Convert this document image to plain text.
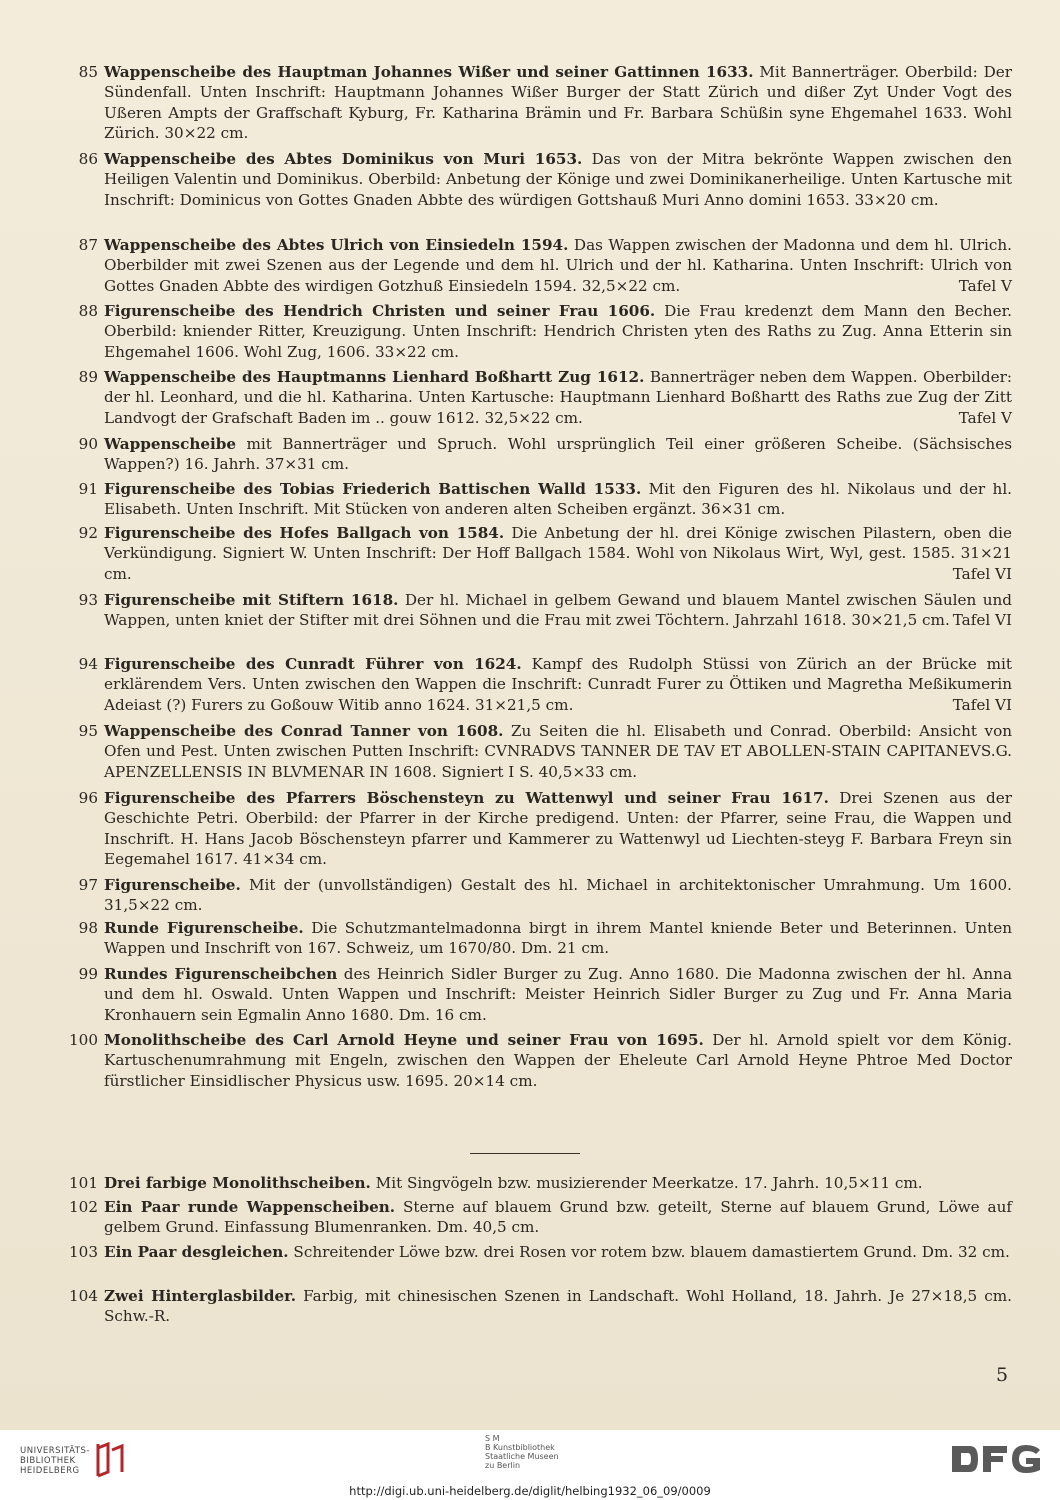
85 Wappenscheibe des Hauptman Johannes Wißer und seiner Gattinnen 1633. Mit Bannerträger. Oberbild: Der Sündenfall. Unten Inschrift: Hauptmann Johannes Wißer Burger der Statt Zürich und dißer Zyt Under Vogt des Ußeren Ampts der Graffschaft Kyburg, Fr. Katharina Brämin und Fr. Barbara Schüßin syne Ehgemahel 1633. Wohl Zürich. 30×22 cm.
86 Wappenscheibe des Abtes Dominikus von Muri 1653. Das von der Mitra bekrönte Wappen zwischen den Heiligen Valentin und Dominikus. Oberbild: Anbetung der Könige und zwei Dominikanerheilige. Unten Kartusche mit Inschrift: Dominicus von Gottes Gnaden Abbte des würdigen Gottshauß Muri Anno domini 1653. 33×20 cm.
87 Wappenscheibe des Abtes Ulrich von Einsiedeln 1594. Das Wappen zwischen der Madonna und dem hl. Ulrich. Oberbilder mit zwei Szenen aus der Legende und dem hl. Ulrich und der hl. Katharina. Unten Inschrift: Ulrich von Gottes Gnaden Abbte des wirdigen Gotzhuß Einsiedeln 1594. 32,5×22 cm.	Tafel V
88 Figurenscheibe des Hendrich Christen und seiner Frau 1606. Die Frau kredenzt dem Mann den Becher. Oberbild: kniender Ritter, Kreuzigung. Unten Inschrift: Hendrich Christen yten des Raths zu Zug. Anna Etterin sin Ehgemahel 1606. Wohl Zug, 1606. 33×22 cm.
89 Wappenscheibe des Hauptmanns Lienhard Boßhartt Zug 1612. Bannerträger neben dem Wappen. Oberbilder: der hl. Leonhard, und die hl. Katharina. Unten Kartusche: Hauptmann Lienhard Boßhartt des Raths zue Zug der Zitt Landvogt der Grafschaft Baden im .. gouw 1612. 32,5×22 cm.	Tafel V
90 Wappenscheibe mit Bannerträger und Spruch. Wohl ursprünglich Teil einer größeren Scheibe. (Sächsisches Wappen?) 16. Jahrh. 37×31 cm.
91 Figurenscheibe des Tobias Friederich Battischen Walld 1533. Mit den Figuren des hl. Nikolaus und der hl. Elisabeth. Unten Inschrift. Mit Stücken von anderen alten Scheiben ergänzt. 36×31 cm.
92 Figurenscheibe des Hofes Ballgach von 1584. Die Anbetung der hl. drei Könige zwischen Pilastern, oben die Verkündigung. Signiert W. Unten Inschrift: Der Hoff Ballgach 1584. Wohl von Nikolaus Wirt, Wyl, gest. 1585. 31×21 cm.	Tafel VI
93 Figurenscheibe mit Stiftern 1618. Der hl. Michael in gelbem Gewand und blauem Mantel zwischen Säulen und Wappen, unten kniet der Stifter mit drei Söhnen und die Frau mit zwei Töchtern. Jahrzahl 1618. 30×21,5 cm. Tafel VI
94 Figurenscheibe des Cunradt Führer von 1624. Kampf des Rudolph Stüssi von Zürich an der Brücke mit erklärendem Vers. Unten zwischen den Wappen die Inschrift: Cunradt Furer zu Öttiken und Magretha Meßikumerin Adeiast (?) Furers zu Goßouw Witib anno 1624. 31×21,5 cm.	Tafel VI
95 Wappenscheibe des Conrad Tanner von 1608. Zu Seiten die hl. Elisabeth und Conrad. Oberbild: Ansicht von Ofen und Pest. Unten zwischen Putten Inschrift: CVNRADVS TANNER DE TAV ET ABOLLEN-STAIN CAPITANEVS.G. APENZELLENSIS IN BLVMENAR IN 1608. Signiert I S. 40,5×33 cm.
96 Figurenscheibe des Pfarrers Böschensteyn zu Wattenwyl und seiner Frau 1617. Drei Szenen aus der Geschichte Petri. Oberbild: der Pfarrer in der Kirche predigend. Unten: der Pfarrer, seine Frau, die Wappen und Inschrift. H. Hans Jacob Böschensteyn pfarrer und Kammerer zu Wattenwyl ud Liechten-steyg F. Barbara Freyn sin Eegemahel 1617. 41×34 cm.
97 Figurenscheibe. Mit der (unvollständigen) Gestalt des hl. Michael in architektonischer Umrahmung. Um 1600. 31,5×22 cm.
98 Runde Figurenscheibe. Die Schutzmantelmadonna birgt in ihrem Mantel kniende Beter und Beterinnen. Unten Wappen und Inschrift von 167. Schweiz, um 1670/80. Dm. 21 cm.
99 Rundes Figurenscheibchen des Heinrich Sidler Burger zu Zug. Anno 1680. Die Madonna zwischen der hl. Anna und dem hl. Oswald. Unten Wappen und Inschrift: Meister Heinrich Sidler Burger zu Zug und Fr. Anna Maria Kronhauern sein Egmalin Anno 1680. Dm. 16 cm.
100 Monolithscheibe des Carl Arnold Heyne und seiner Frau von 1695. Der hl. Arnold spielt vor dem König. Kartuschenumrahmung mit Engeln, zwischen den Wappen der Eheleute Carl Arnold Heyne Phtroe Med Doctor fürstlicher Einsidlischer Physicus usw. 1695. 20×14 cm.
101 Drei farbige Monolithscheiben. Mit Singvögeln bzw. musizierender Meerkatze. 17. Jahrh. 10,5×11 cm.
102 Ein Paar runde Wappenscheiben. Sterne auf blauem Grund bzw. geteilt, Sterne auf blauem Grund, Löwe auf gelbem Grund. Einfassung Blumenranken. Dm. 40,5 cm.
103 Ein Paar desgleichen. Schreitender Löwe bzw. drei Rosen vor rotem bzw. blauem damastiertem Grund. Dm. 32 cm.
104 Zwei Hinterglasbilder. Farbig, mit chinesischen Szenen in Landschaft. Wohl Holland, 18. Jahrh. Je 27×18,5 cm. Schw.-R.
5
UNIVERSITÄTS-
BIBLIOTHEK
HEIDELBERG
S M
B Kunstbibliothek
Staatliche Museen
zu Berlin
http://digi.ub.uni-heidelberg.de/diglit/helbing1932_06_09/0009
